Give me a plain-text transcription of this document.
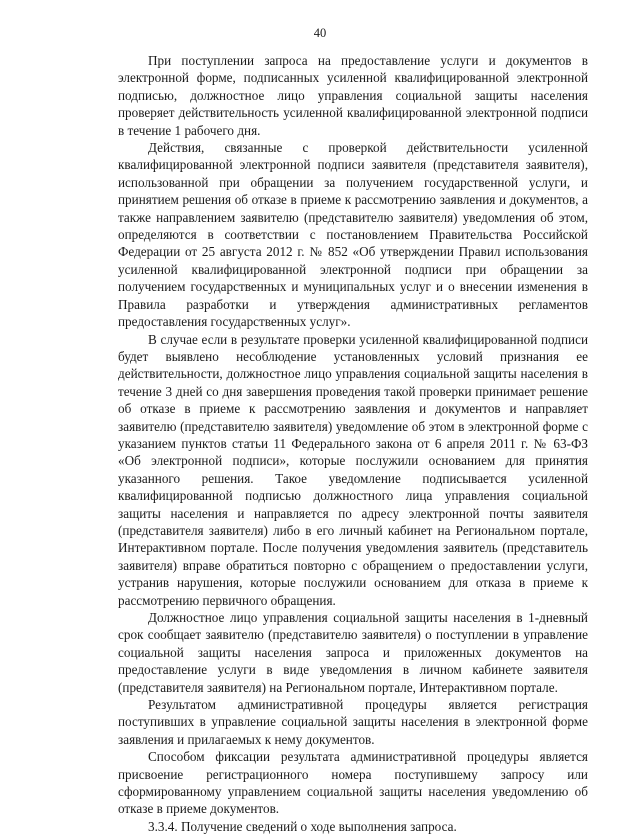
40

При поступлении запроса на предоставление услуги и документов в электронной форме, подписанных усиленной квалифицированной электронной подписью, должностное лицо управления социальной защиты населения проверяет действительность усиленной квалифицированной электронной подписи в течение 1 рабочего дня.

Действия, связанные с проверкой действительности усиленной квалифицированной электронной подписи заявителя (представителя заявителя), использованной при обращении за получением государственной услуги, и принятием решения об отказе в приеме к рассмотрению заявления и документов, а также направлением заявителю (представителю заявителя) уведомления об этом, определяются в соответствии с постановлением Правительства Российской Федерации от 25 августа 2012 г. № 852 «Об утверждении Правил использования усиленной квалифицированной электронной подписи при обращении за получением государственных и муниципальных услуг и о внесении изменения в Правила разработки и утверждения административных регламентов предоставления государственных услуг».

В случае если в результате проверки усиленной квалифицированной подписи будет выявлено несоблюдение установленных условий признания ее действительности, должностное лицо управления социальной защиты населения в течение 3 дней со дня завершения проведения такой проверки принимает решение об отказе в приеме к рассмотрению заявления и документов и направляет заявителю (представителю заявителя) уведомление об этом в электронной форме с указанием пунктов статьи 11 Федерального закона от 6 апреля 2011 г. № 63-ФЗ «Об электронной подписи», которые послужили основанием для принятия указанного решения. Такое уведомление подписывается усиленной квалифицированной подписью должностного лица управления социальной защиты населения и направляется по адресу электронной почты заявителя (представителя заявителя) либо в его личный кабинет на Региональном портале, Интерактивном портале. После получения уведомления заявитель (представитель заявителя) вправе обратиться повторно с обращением о предоставлении услуги, устранив нарушения, которые послужили основанием для отказа в приеме к рассмотрению первичного обращения.

Должностное лицо управления социальной защиты населения в 1-дневный срок сообщает заявителю (представителю заявителя) о поступлении в управление социальной защиты населения запроса и приложенных документов на предоставление услуги в виде уведомления в личном кабинете заявителя (представителя заявителя) на Региональном портале, Интерактивном портале.

Результатом административной процедуры является регистрация поступивших в управление социальной защиты населения в электронной форме заявления и прилагаемых к нему документов.

Способом фиксации результата административной процедуры является присвоение регистрационного номера поступившему запросу или сформированному управлением социальной защиты населения уведомлению об отказе в приеме документов.

3.3.4. Получение сведений о ходе выполнения запроса.
